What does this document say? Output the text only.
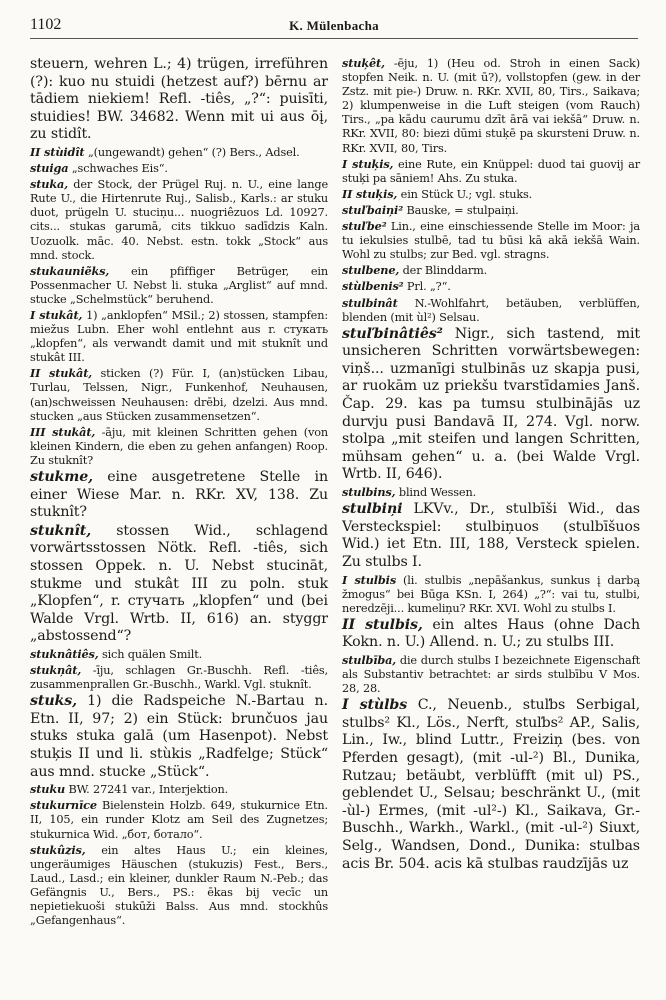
1102	K. Mülenbacha

steuern, wehren L.; 4) trügen, irreführen (?): kuo nu stuidi (hetzest auf?) bērnu ar tādiem niekiem! Refl. -tiês, „?“: puisīti, stuidies! BW. 34682. Wenn mit ui aus ōį, zu stidît.

II stùidît „(ungewandt) gehen“ (?) Bers., Adsel.

stuiga „schwaches Eis“.

stuka, der Stock, der Prügel Ruj. n. U., eine lange Rute U., die Hirtenrute Ruj., Salisb., Karls.: ar stuku duot, prügeln U. stuciņu... nuogriêzuos Ld. 10927. cits... stukas garumā, cits tikkuo sadīdzis Kaln. Uozuolk. māc. 40. Nebst. estn. tokk „Stock“ aus mnd. stock.

stukauniẽks, ein pfiffiger Betrüger, ein Possenmacher U. Nebst li. stuka „Arglist“ auf mnd. stucke „Schelmstück“ beruhend.

I stukât, 1) „anklopfen“ MSil.; 2) stossen, stampfen: miežus Lubn. Eher wohl entlehnt aus r. стукать „klopfen“, als verwandt damit und mit stuknît und stukât III.

II stukât, sticken (?) Für. I, (an)stücken Libau, Turlau, Telssen, Nigr., Funkenhof, Neuhausen, (an)schweissen Neuhausen: drēbi, dzelzi. Aus mnd. stucken „aus Stücken zusammensetzen“.

III stukât, -āju, mit kleinen Schritten gehen (von kleinen Kindern, die eben zu gehen anfangen) Roop. Zu stuknît?

stukme, eine ausgetretene Stelle in einer Wiese Mar. n. RKr. XV, 138. Zu stuknît?

stuknît, stossen Wid., schlagend vorwärtsstossen Nötk. Refl. -tiês, sich stossen Oppek. n. U. Nebst stucināt, stukme und stukât III zu poln. stuk „Klopfen“, r. стучать „klopfen“ und (bei Walde Vrgl. Wrtb. II, 616) an. styggr „abstossend“?

stuknâtiês, sich quälen Smilt.

stukņât, -īju, schlagen Gr.-Buschh. Refl. -tiês, zusammenprallen Gr.-Buschh., Warkl. Vgl. stuknît.

stuks, 1) die Radspeiche N.-Bartau n. Etn. II, 97; 2) ein Stück: brunčuos jau stuks stuka galā (um Hasenpot). Nebst stuķis II und li. stùkis „Radfelge; Stück“ aus mnd. stucke „Stück“.

stuku BW. 27241 var., Interjektion.

stukurnīce Bielenstein Holzb. 649, stukurnice Etn. II, 105, ein runder Klotz am Seil des Zugnetzes; stukurnica Wid. „бoт, бoтaлo“.

stukûzis, ein altes Haus U.; ein kleines, ungeräumiges Häuschen (stukuzis) Fest., Bers., Laud., Lasd.; ein kleiner, dunkler Raum N.-Peb.; das Gefängnis U., Bers., PS.: ēkas bij vecīc un nepietiekuoši stukūži Balss. Aus mnd. stockhûs „Gefangenhaus“.

stuķêt, -ēju, 1) (Heu od. Stroh in einen Sack) stopfen Neik. n. U. (mit ū?), vollstopfen (gew. in der Zstz. mit pie-) Druw. n. RKr. XVII, 80, Tirs., Saikava; 2) klumpenweise in die Luft steigen (vom Rauch) Tirs., „pa kādu caurumu dzīt ārā vai iekšā“ Druw. n. RKr. XVII, 80: biezi dūmi stuķē pa skursteni Druw. n. RKr. XVII, 80, Tirs.

I stuķis, eine Rute, ein Knüppel: duod tai guovij ar stuķi pa sāniem! Ahs. Zu stuka.

II stuķis, ein Stück U.; vgl. stuks.

stuľbaiņi² Bauske, = stulpaiņi.

stuľbe² Lin., eine einschiessende Stelle im Moor: ja tu iekulsies stulbē, tad tu būsi kā akā iekšā Wain. Wohl zu stulbs; zur Bed. vgl. stragns.

stulbene, der Blinddarm.

stùlbenis² Prl. „?“.

stulbinât N.-Wohlfahrt, betäuben, verblüffen, blenden (mit ùl²) Selsau.

stuľbinâtiês² Nigr., sich tastend, mit unsicheren Schritten vorwärtsbewegen: viņš... uzmanīgi stulbinās uz skapja pusi, ar ruokām uz priekšu tvarstīdamies Janš. Čap. 29. kas pa tumsu stulbinājās uz durvju pusi Bandavā II, 274. Vgl. norw. stolpa „mit steifen und langen Schritten, mühsam gehen“ u. a. (bei Walde Vrgl. Wrtb. II, 646).

stulbins, blind Wessen.

stulbiņi LKVv., Dr., stulbīši Wid., das Versteckspiel: stulbiņuos (stulbīšuos Wid.) iet Etn. III, 188, Versteck spielen. Zu stulbs I.

I stulbis (li. stulbis „nepāšankus, sunkus į darbą žmogus“ bei Būga KSn. I, 264) „?“: vai tu, stulbi, neredzēji... kumeliņu? RKr. XVI. Wohl zu stulbs I.

II stulbis, ein altes Haus (ohne Dach Kokn. n. U.) Allend. n. U.; zu stulbs III.

stulbība, die durch stulbs I bezeichnete Eigenschaft als Substantiv betrachtet: ar sirds stulbību V Mos. 28, 28.

I stùlbs C., Neuenb., stuľbs Serbigal, stulbs² Kl., Lös., Nerft, stuľbs² AP., Salis, Lin., Iw., blind Luttr., Freiziņ (bes. von Pferden gesagt), (mit -ul-²) Bl., Dunika, Rutzau; betäubt, verblüfft (mit ul) PS., geblendet U., Selsau; beschränkt U., (mit -ùl-) Ermes, (mit -ul²-) Kl., Saikava, Gr.-Buschh., Warkh., Warkl., (mit -ul-²) Siuxt, Selg., Wandsen, Dond., Dunika: stulbas acis Br. 504. acis kā stulbas raudzījās uz
